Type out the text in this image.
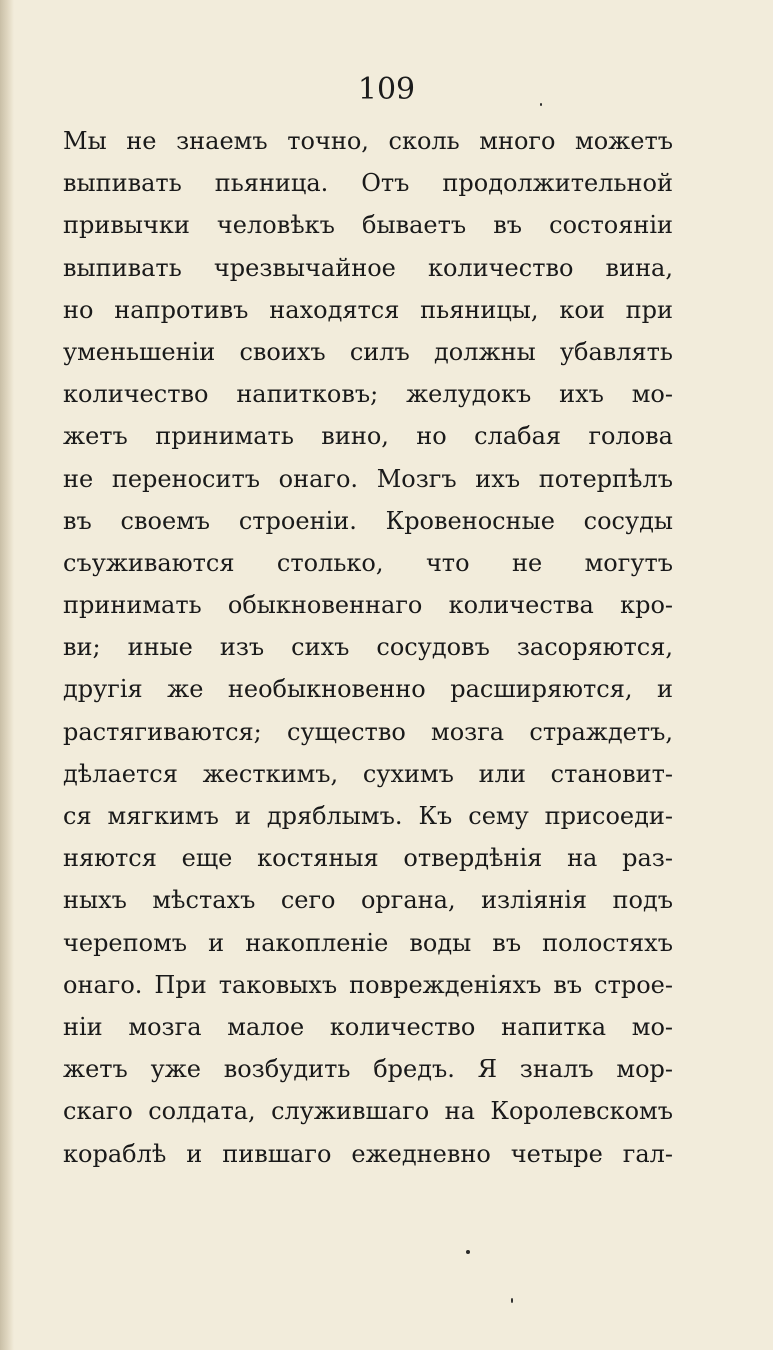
109
Мы не знаемъ точно, сколь много можетъ
выпивать пьяница. Отъ продолжительной
привычки человѣкъ бываетъ въ состояніи
выпивать чрезвычайное количество вина,
но напротивъ находятся пьяницы, кои при
уменьшеніи своихъ силъ должны убавлять
количество напитковъ; желудокъ ихъ мо-
жетъ принимать вино, но слабая голова
не переноситъ онаго. Мозгъ ихъ потерпѣлъ
въ своемъ строеніи. Кровеносные сосуды
съуживаются столько, что не могутъ
принимать обыкновеннаго количества кро-
ви; иные изъ сихъ сосудовъ засоряются,
другія же необыкновенно расширяются, и
растягиваются; существо мозга страждетъ,
дѣлается жесткимъ, сухимъ или становит-
ся мягкимъ и дряблымъ. Къ сему присоеди-
няются еще костяныя отвердѣнія на раз-
ныхъ мѣстахъ сего органа, изліянія подъ
черепомъ и накопленіе воды въ полостяхъ
онаго. При таковыхъ поврежденіяхъ въ строе-
ніи мозга малое количество напитка мо-
жетъ уже возбудить бредъ. Я зналъ мор-
скаго солдата, служившаго на Королевскомъ
кораблѣ и пившаго ежедневно четыре гал-
